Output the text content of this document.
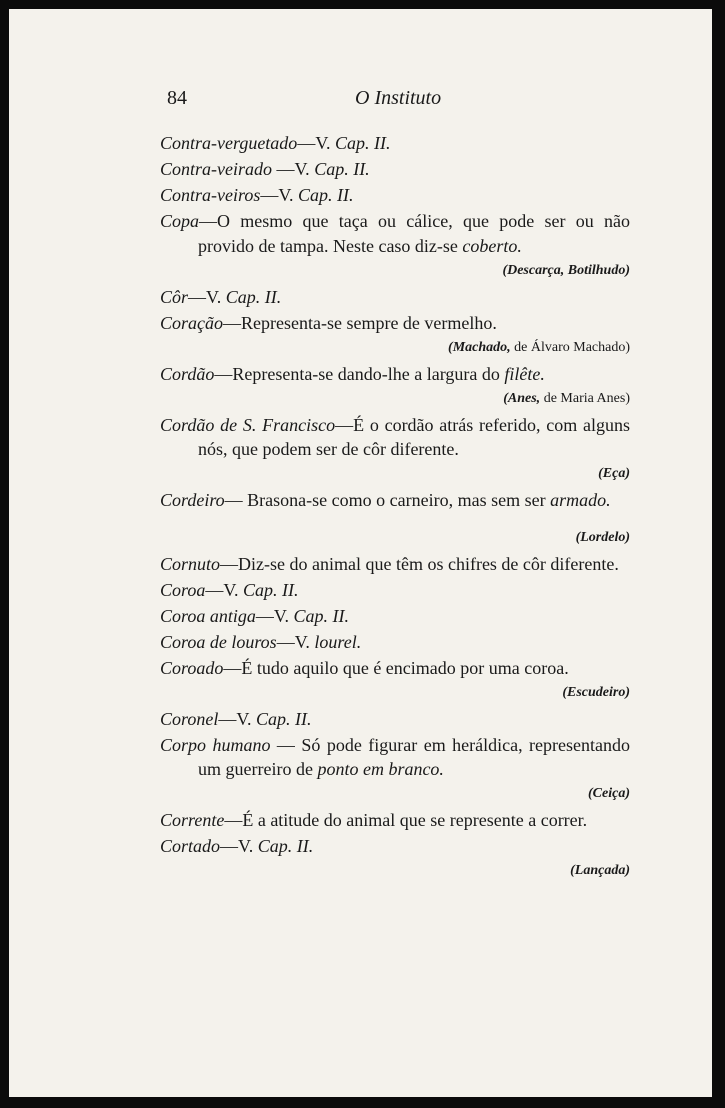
84	O Instituto

Contra-verguetado—V. Cap. II.

Contra-veirado —V. Cap. II.

Contra-veiros—V. Cap. II.

Copa—O mesmo que taça ou cálice, que pode ser ou não provido de tampa. Neste caso diz-se coberto.

(Descarça, Botilhudo)

Côr—V. Cap. II.

Coração—Representa-se sempre de vermelho.

(Machado, de Álvaro Machado)

Cordão—Representa-se dando-lhe a largura do filête.

(Anes, de Maria Anes)

Cordão de S. Francisco—É o cordão atrás referido, com alguns nós, que podem ser de côr diferente.

(Eça)

Cordeiro— Brasona-se como o carneiro, mas sem ser armado.

(Lordelo)

Cornuto—Diz-se do animal que têm os chifres de côr diferente.

Coroa—V. Cap. II.

Coroa antiga—V. Cap. II.

Coroa de louros—V. lourel.

Coroado—É tudo aquilo que é encimado por uma coroa.

(Escudeiro)

Coronel—V. Cap. II.

Corpo humano — Só pode figurar em heráldica, representando um guerreiro de ponto em branco.

(Ceiça)

Corrente—É a atitude do animal que se represente a correr.

Cortado—V. Cap. II.

(Lançada)
